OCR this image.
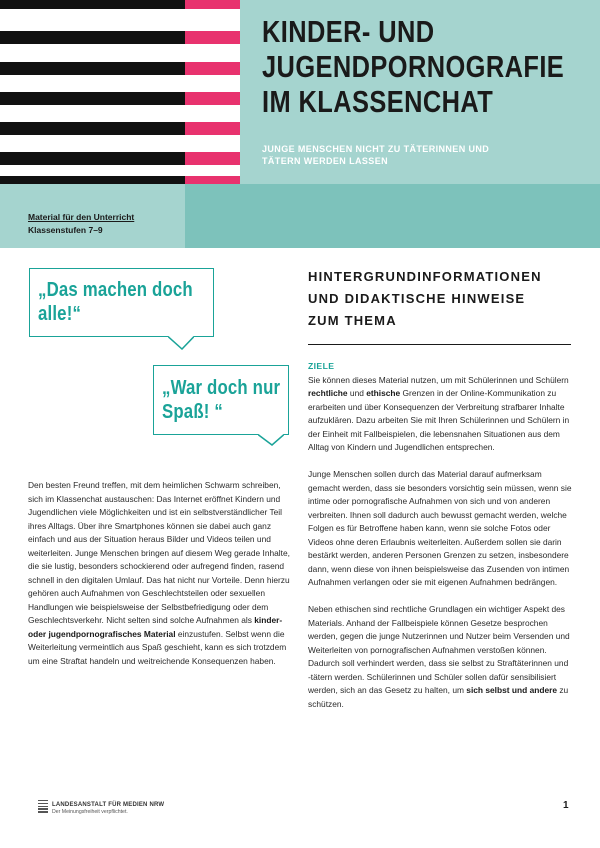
KINDER- UND
JUGENDPORNOGRAFIE
IM KLASSENCHAT
JUNGE MENSCHEN NICHT ZU TÄTERINNEN UND
TÄTERN WERDEN LASSEN
Material für den Unterricht
Klassenstufen 7–9
„Das machen doch
alle!“
„War doch nur
Spaß! “
Den besten Freund treffen, mit dem heimlichen Schwarm schreiben, sich im Klassenchat austauschen: Das Internet eröffnet Kindern und Jugendlichen viele Möglichkeiten und ist ein selbstverständlicher Teil ihres Alltags. Über ihre Smartphones können sie dabei auch ganz einfach und aus der Situation heraus Bilder und Videos teilen und weiterleiten. Junge Menschen bringen auf diesem Weg gerade Inhalte, die sie lustig, besonders schockierend oder aufregend finden, rasend schnell in den digitalen Umlauf. Das hat nicht nur Vorteile. Denn hierzu gehören auch Aufnahmen von Geschlechtsteilen oder sexuellen Handlungen wie beispielsweise der Selbstbefriedigung oder dem Geschlechtsverkehr. Nicht selten sind solche Aufnahmen als kinder- oder jugendpornografisches Material einzustufen. Selbst wenn die Weiterleitung vermeintlich aus Spaß geschieht, kann es sich trotzdem um eine Straftat handeln und weitreichende Konsequenzen haben.
HINTERGRUNDINFORMATIONEN
UND DIDAKTISCHE HINWEISE
ZUM THEMA
ZIELE

Sie können dieses Material nutzen, um mit Schülerinnen und Schülern rechtliche und ethische Grenzen in der Online-Kommunikation zu erarbeiten und über Konsequenzen der Verbreitung strafbarer Inhalte aufzuklären. Dazu arbeiten Sie mit Ihren Schülerinnen und Schülern in der Einheit mit Fallbeispielen, die lebensnahen Situationen aus dem Alltag von Kindern und Jugendlichen entsprechen.

Junge Menschen sollen durch das Material darauf aufmerksam gemacht werden, dass sie besonders vorsichtig sein müssen, wenn sie intime oder pornografische Aufnahmen von sich und von anderen verbreiten. Ihnen soll dadurch auch bewusst gemacht werden, welche Folgen es für Betroffene haben kann, wenn sie solche Fotos oder Videos ohne deren Erlaubnis weiterleiten. Außerdem sollen sie darin bestärkt werden, anderen Personen Grenzen zu setzen, insbesondere dann, wenn diese von ihnen beispielsweise das Zusenden von intimen Aufnahmen verlangen oder sie mit eigenen Aufnahmen bedrängen.

Neben ethischen sind rechtliche Grundlagen ein wichtiger Aspekt des Materials. Anhand der Fallbeispiele können Gesetze besprochen werden, gegen die junge Nutzerinnen und Nutzer beim Versenden und Weiterleiten von pornografischen Aufnahmen verstoßen können. Dadurch soll verhindert werden, dass sie selbst zu Straftäterinnen und -tätern werden. Schülerinnen und Schüler sollen dafür sensibilisiert werden, sich an das Gesetz zu halten, um sich selbst und andere zu schützen.

LANDESANSTALT FÜR MEDIEN NRW
Der Meinungsfreiheit verpflichtet.
1
